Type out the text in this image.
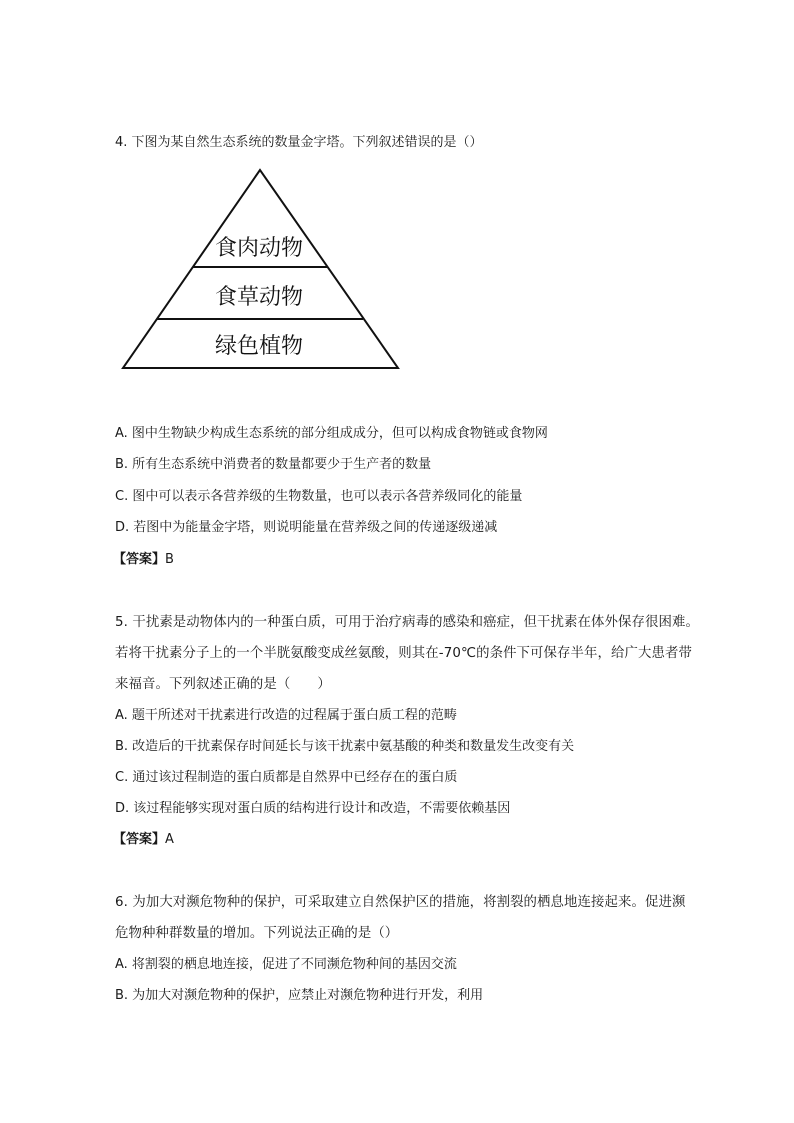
4. 下图为某自然生态系统的数量金字塔。下列叙述错误的是（）

食肉动物
食草动物
绿色植物

A. 图中生物缺少构成生态系统的部分组成成分，但可以构成食物链或食物网

B. 所有生态系统中消费者的数量都要少于生产者的数量

C. 图中可以表示各营养级的生物数量，也可以表示各营养级同化的能量

D. 若图中为能量金字塔，则说明能量在营养级之间的传递逐级递减

【答案】B

5. 干扰素是动物体内的一种蛋白质，可用于治疗病毒的感染和癌症，但干扰素在体外保存很困难。

若将干扰素分子上的一个半胱氨酸变成丝氨酸，则其在-70℃的条件下可保存半年，给广大患者带

来福音。下列叙述正确的是（　　）

A. 题干所述对干扰素进行改造的过程属于蛋白质工程的范畴

B. 改造后的干扰素保存时间延长与该干扰素中氨基酸的种类和数量发生改变有关

C. 通过该过程制造的蛋白质都是自然界中已经存在的蛋白质

D. 该过程能够实现对蛋白质的结构进行设计和改造，不需要依赖基因

【答案】A

6. 为加大对濒危物种的保护，可采取建立自然保护区的措施，将割裂的栖息地连接起来。促进濒

危物种种群数量的增加。下列说法正确的是（）

A. 将割裂的栖息地连接，促进了不同濒危物种间的基因交流

B. 为加大对濒危物种的保护，应禁止对濒危物种进行开发，利用
